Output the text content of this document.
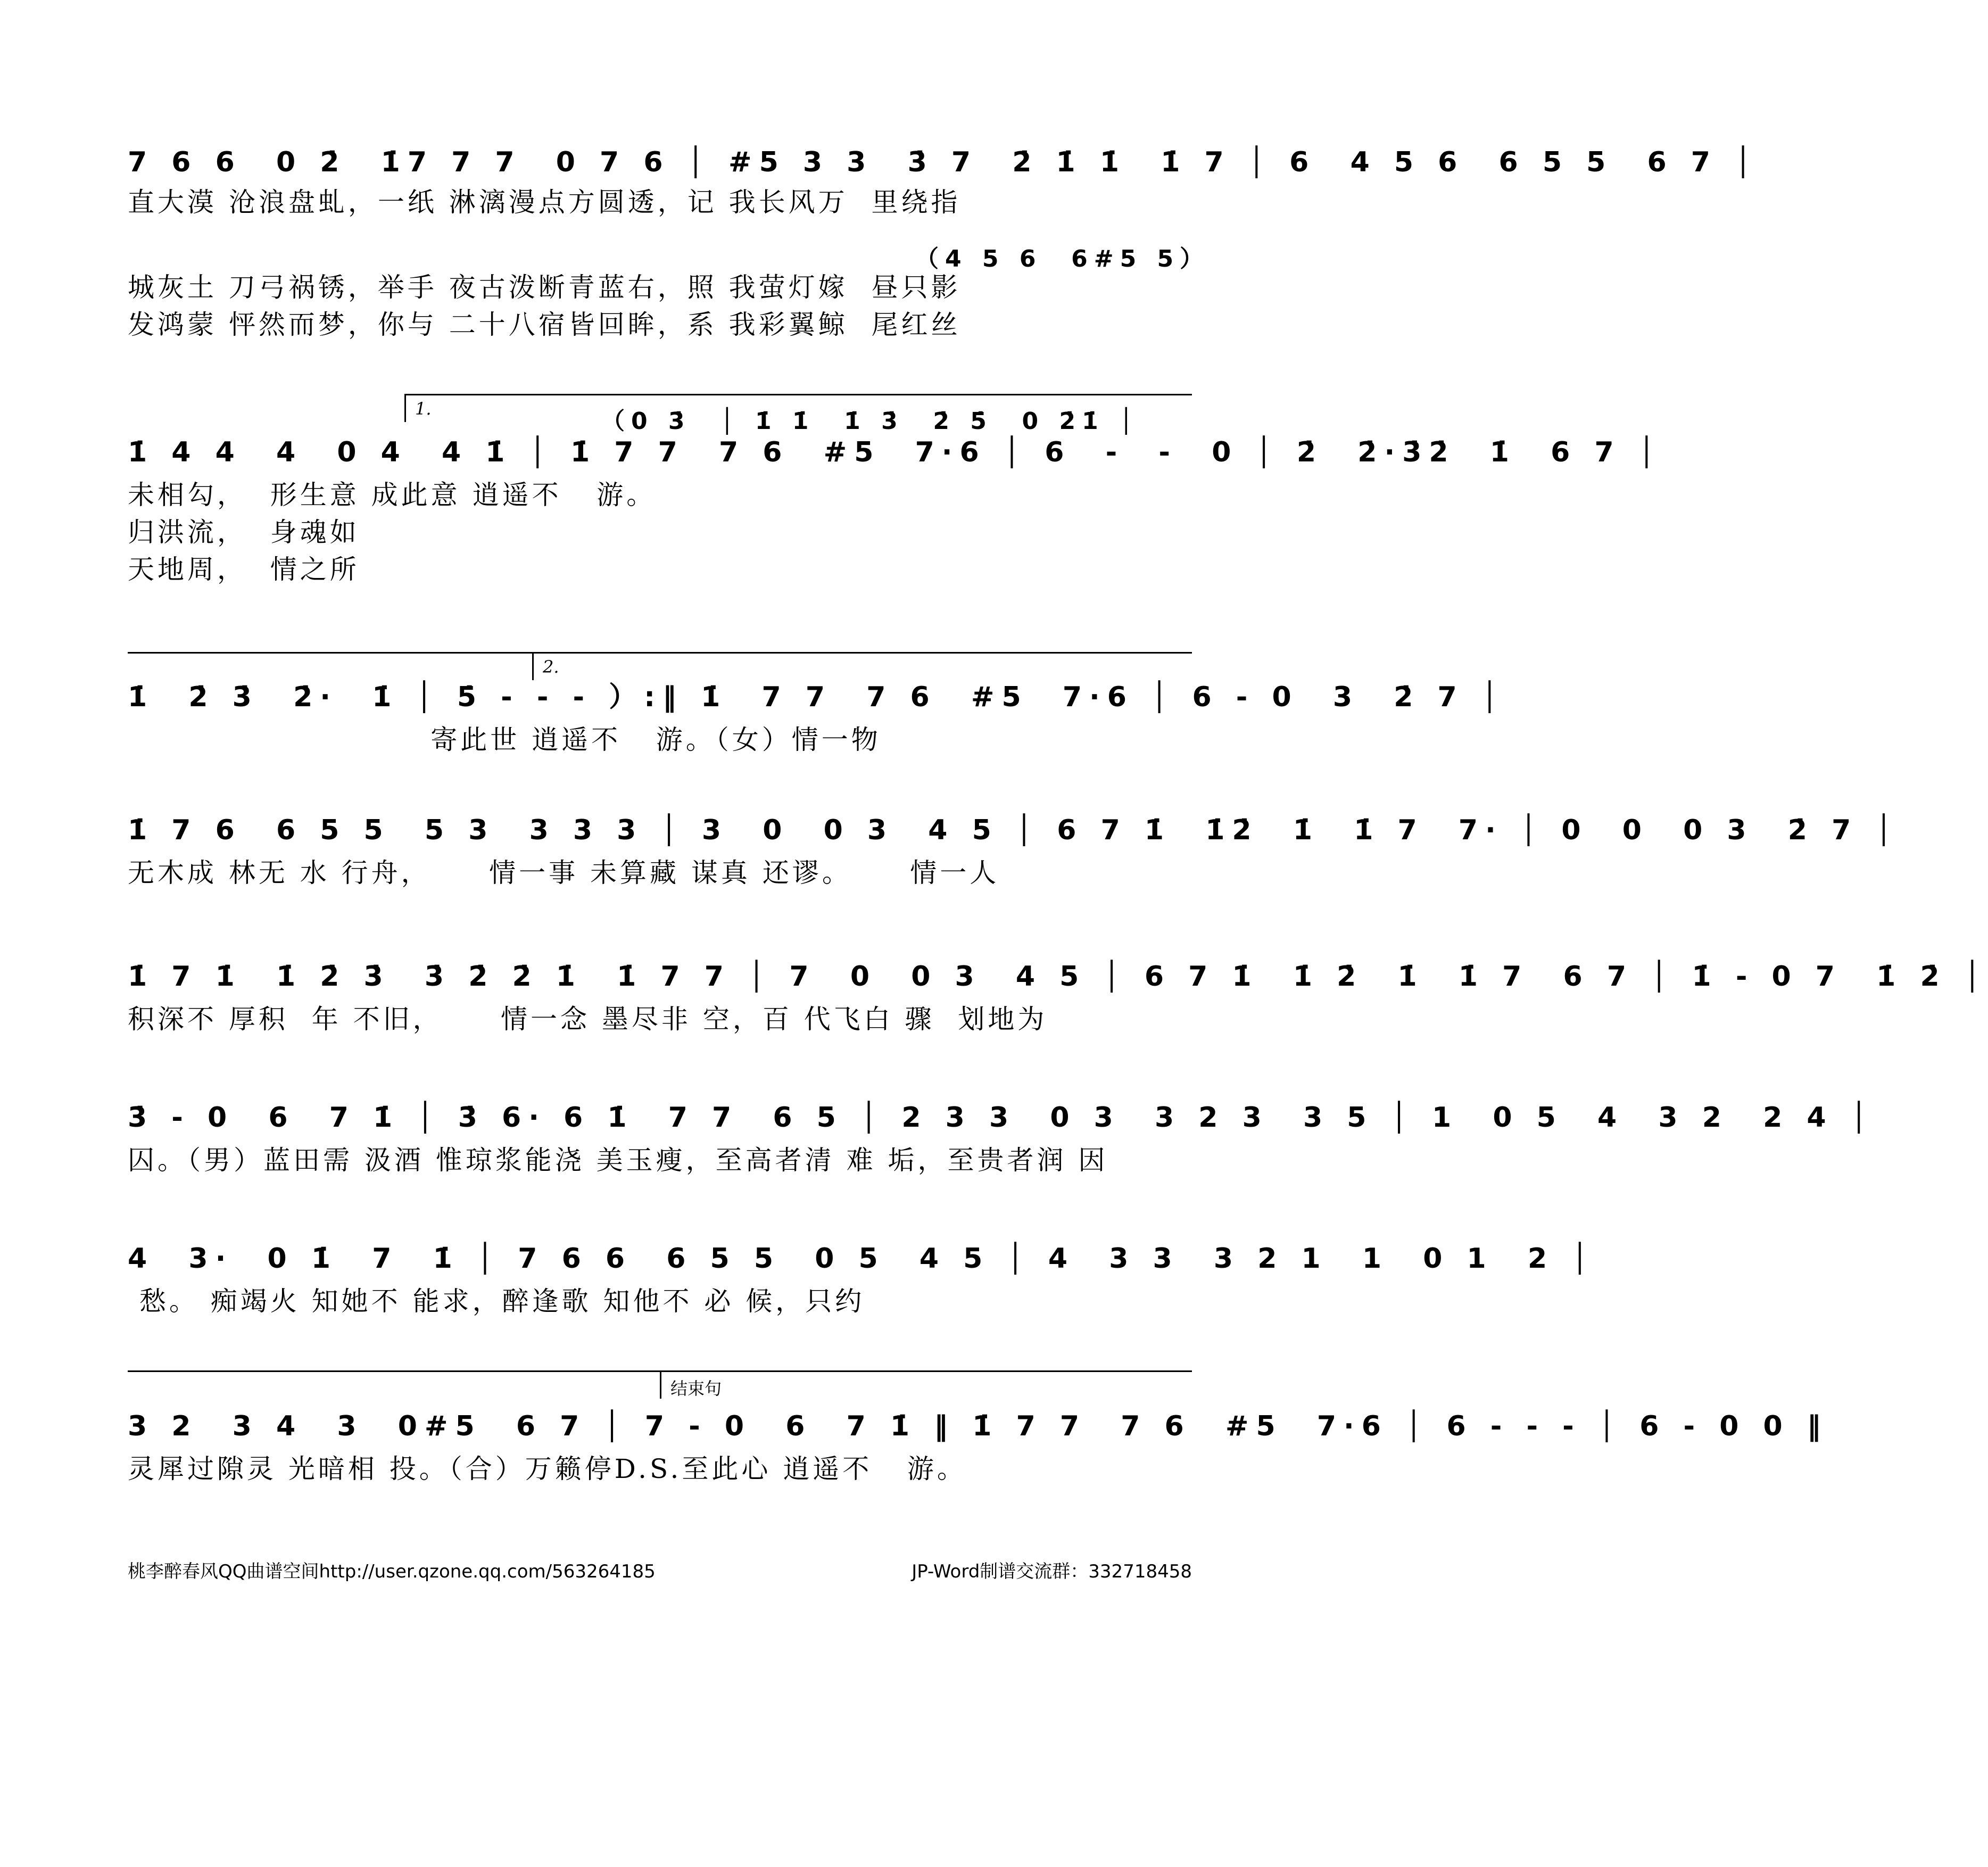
7 6 6  0 2̇  1̇7 7 7  0 7 6 │ #5 3 3  3̇ 7  2̇ 1̇ 1̇  1̇ 7 │ 6  4 5 6  6 5 5  6 7 │
直大漠 沧浪盘虬，一纸 淋漓漫点方圆透，记 我长风万  里绕指
（4 5 6  6#5 5）
城灰土 刀弓祸锈，举手 夜古泼断青蓝右，照 我萤灯嫁  昼只影
发鸿蒙 怦然而梦，你与 二十八宿皆回眸，系 我彩翼鲸  尾红丝
1.	（0 3̇  │ 1̇ 1̇  1̇ 3̇  2̇ 5̇  0 2̇1̇ │
1̇ 4 4  4  0 4  4 1̇ │ 1̇ 7 7  7 6  #5  7·6 │ 6  -  -  0 │ 2̇  2̇·3̇2̇  1̇  6 7 │
未相勾，  形生意 成此意 逍遥不   游。
归洪流，  身魂如
天地周，  情之所
2.
1̇  2̇ 3̇  2̇·  1̇ │ 5̇ - - - ）:‖ 1̇  7 7  7 6  #5  7·6 │ 6 - 0  3  2̇ 7 │
寄此世 逍遥不   游。（女）情一物
1̇ 7 6  6 5 5  5 3  3 3 3 │ 3  0  0 3  4 5 │ 6 7 1̇  1̇2̇  1̇  1̇ 7  7· │ 0  0  0 3  2̇ 7 │
无木成 林无 水 行舟，     情一事 未算藏 谋真 还谬。     情一人
1̇ 7 1̇  1̇ 2̇ 3̇  3̇ 2̇ 2̇ 1̇  1̇ 7 7 │ 7  0  0 3  4 5 │ 6 7 1̇  1̇ 2̇  1̇  1̇ 7  6 7 │ 1̇ - 0 7  1̇ 2̇ │
积深不 厚积  年 不旧，     情一念 墨尽非 空，百 代飞白 骤  划地为
3̇ - 0  6  7 1̇ │ 3̇ 6· 6 1̇  7 7  6 5 │ 2 3 3  0 3  3 2 3  3 5 │ 1  0 5  4  3 2  2 4 │
囚。（男）蓝田需 汲酒 惟琼浆能浇 美玉瘦，至高者清 难 垢，至贵者润 因
4  3·  0 1̇  7  1̇ │ 7 6 6  6 5 5  0 5  4 5 │ 4  3 3  3 2 1  1  0 1  2 │
愁。 痴竭火 知她不 能求，醉逢歌 知他不 必 候，只约
结束句
3 2  3 4  3  0#5  6 7 │ 7 - 0  6  7 1̇ ‖ 1̇ 7 7  7 6  #5  7·6 │ 6 - - - │ 6 - 0 0 ‖
灵犀过隙灵 光暗相 投。（合）万籁停D.S.至此心 逍遥不   游。
桃李醉春风QQ曲谱空间http://user.qzone.qq.com/563264185	JP-Word制谱交流群：332718458
